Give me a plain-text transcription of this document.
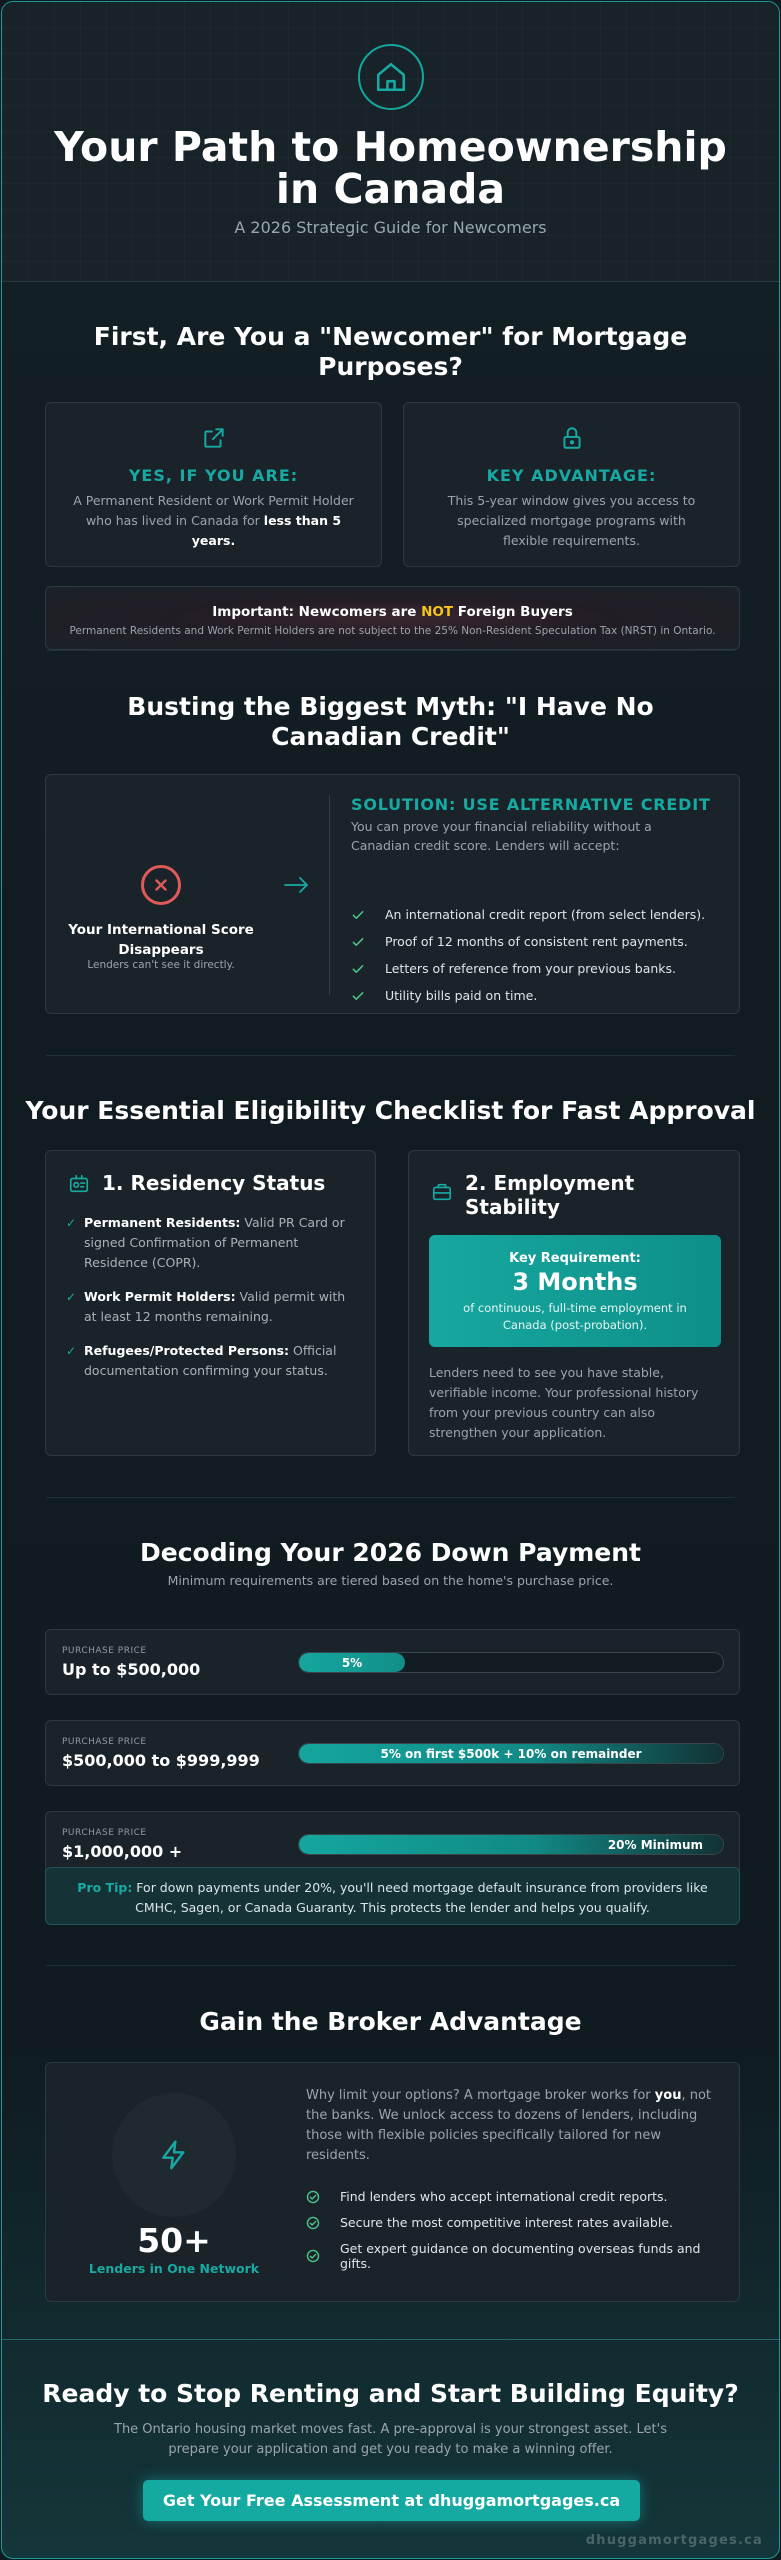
Your Path to Homeownership in Canada
A 2026 Strategic Guide for Newcomers
First, Are You a "Newcomer" for Mortgage Purposes?
YES, IF YOU ARE:
A Permanent Resident or Work Permit Holder who has lived in Canada for less than 5 years.
KEY ADVANTAGE:
This 5-year window gives you access to specialized mortgage programs with flexible requirements.
Important: Newcomers are NOT Foreign Buyers
Permanent Residents and Work Permit Holders are not subject to the 25% Non-Resident Speculation Tax (NRST) in Ontario.
Busting the Biggest Myth: "I Have No Canadian Credit"
Your International Score Disappears
Lenders can't see it directly.
SOLUTION: USE ALTERNATIVE CREDIT
You can prove your financial reliability without a Canadian credit score. Lenders will accept:
An international credit report (from select lenders).
Proof of 12 months of consistent rent payments.
Letters of reference from your previous banks.
Utility bills paid on time.
Your Essential Eligibility Checklist for Fast Approval
1. Residency Status
✓ Permanent Residents: Valid PR Card or signed Confirmation of Permanent Residence (COPR).
✓ Work Permit Holders: Valid permit with at least 12 months remaining.
✓ Refugees/Protected Persons: Official documentation confirming your status.
2. Employment Stability
Key Requirement:
3 Months
of continuous, full-time employment in Canada (post-probation).
Lenders need to see you have stable, verifiable income. Your professional history from your previous country can also strengthen your application.
Decoding Your 2026 Down Payment
Minimum requirements are tiered based on the home's purchase price.
PURCHASE PRICE
Up to $500,000	5%
PURCHASE PRICE
$500,000 to $999,999	5% on first $500k + 10% on remainder
PURCHASE PRICE
$1,000,000 +	20% Minimum
Pro Tip: For down payments under 20%, you'll need mortgage default insurance from providers like CMHC, Sagen, or Canada Guaranty. This protects the lender and helps you qualify.
Gain the Broker Advantage
50+
Lenders in One Network
Why limit your options? A mortgage broker works for you, not the banks. We unlock access to dozens of lenders, including those with flexible policies specifically tailored for new residents.
Find lenders who accept international credit reports.
Secure the most competitive interest rates available.
Get expert guidance on documenting overseas funds and gifts.
Ready to Stop Renting and Start Building Equity?
The Ontario housing market moves fast. A pre-approval is your strongest asset. Let's prepare your application and get you ready to make a winning offer.
Get Your Free Assessment at dhuggamortgages.ca
dhuggamortgages.ca
